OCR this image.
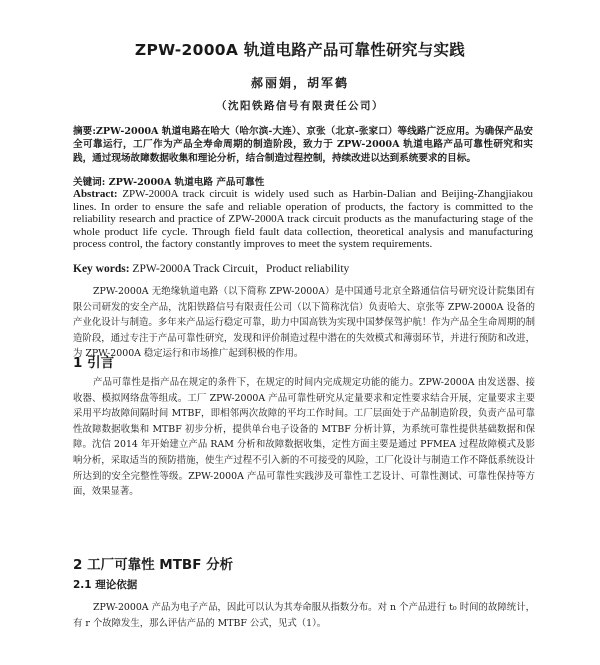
ZPW-2000A 轨道电路产品可靠性研究与实践
郝丽娟，胡军鹤
（沈阳铁路信号有限责任公司）
摘要:ZPW-2000A 轨道电路在哈大（哈尔滨-大连）、京张（北京-张家口）等线路广泛应用。为确保产品安全可靠运行，工厂作为产品全寿命周期的制造阶段，致力于 ZPW-2000A 轨道电路产品可靠性研究和实践，通过现场故障数据收集和理论分析，结合制造过程控制，持续改进以达到系统要求的目标。
关键词: ZPW-2000A 轨道电路 产品可靠性
Abstract: ZPW-2000A track circuit is widely used such as Harbin-Dalian and Beijing-Zhangjiakou lines. In order to ensure the safe and reliable operation of products, the factory is committed to the reliability research and practice of ZPW-2000A track circuit products as the manufacturing stage of the whole product life cycle. Through field fault data collection, theoretical analysis and manufacturing process control, the factory constantly improves to meet the system requirements.
Key words: ZPW-2000A Track Circuit，Product reliability
ZPW-2000A 无绝缘轨道电路（以下简称 ZPW-2000A）是中国通号北京全路通信信号研究设计院集团有限公司研发的安全产品，沈阳铁路信号有限责任公司（以下简称沈信）负责哈大、京张等 ZPW-2000A 设备的产业化设计与制造。多年来产品运行稳定可靠，助力中国高铁为实现中国梦保驾护航！作为产品全生命周期的制造阶段，通过专注于产品可靠性研究，发现和评价制造过程中潜在的失效模式和薄弱环节，并进行预防和改进，为 ZPW-2000A 稳定运行和市场推广起到积极的作用。
1 引言
产品可靠性是指产品在规定的条件下，在规定的时间内完成规定功能的能力。ZPW-2000A 由发送器、接收器、模拟网络盘等组成。工厂 ZPW-2000A 产品可靠性研究从定量要求和定性要求结合开展，定量要求主要采用平均故障间隔时间 MTBF，即相邻两次故障的平均工作时间。工厂层面处于产品制造阶段，负责产品可靠性故障数据收集和 MTBF 初步分析，提供单台电子设备的 MTBF 分析计算，为系统可靠性提供基础数据和保障。沈信 2014 年开始建立产品 RAM 分析和故障数据收集，定性方面主要是通过 PFMEA 过程故障模式及影响分析，采取适当的预防措施，使生产过程不引入新的不可接受的风险，工厂化设计与制造工作不降低系统设计所达到的安全完整性等级。ZPW-2000A 产品可靠性实践涉及可靠性工艺设计、可靠性测试、可靠性保持等方面，效果显著。
2 工厂可靠性 MTBF 分析
2.1 理论依据
ZPW-2000A 产品为电子产品，因此可以认为其寿命服从指数分布。对 n 个产品进行 t₀ 时间的故障统计，有 r 个故障发生，那么评估产品的 MTBF 公式，见式（1）。
